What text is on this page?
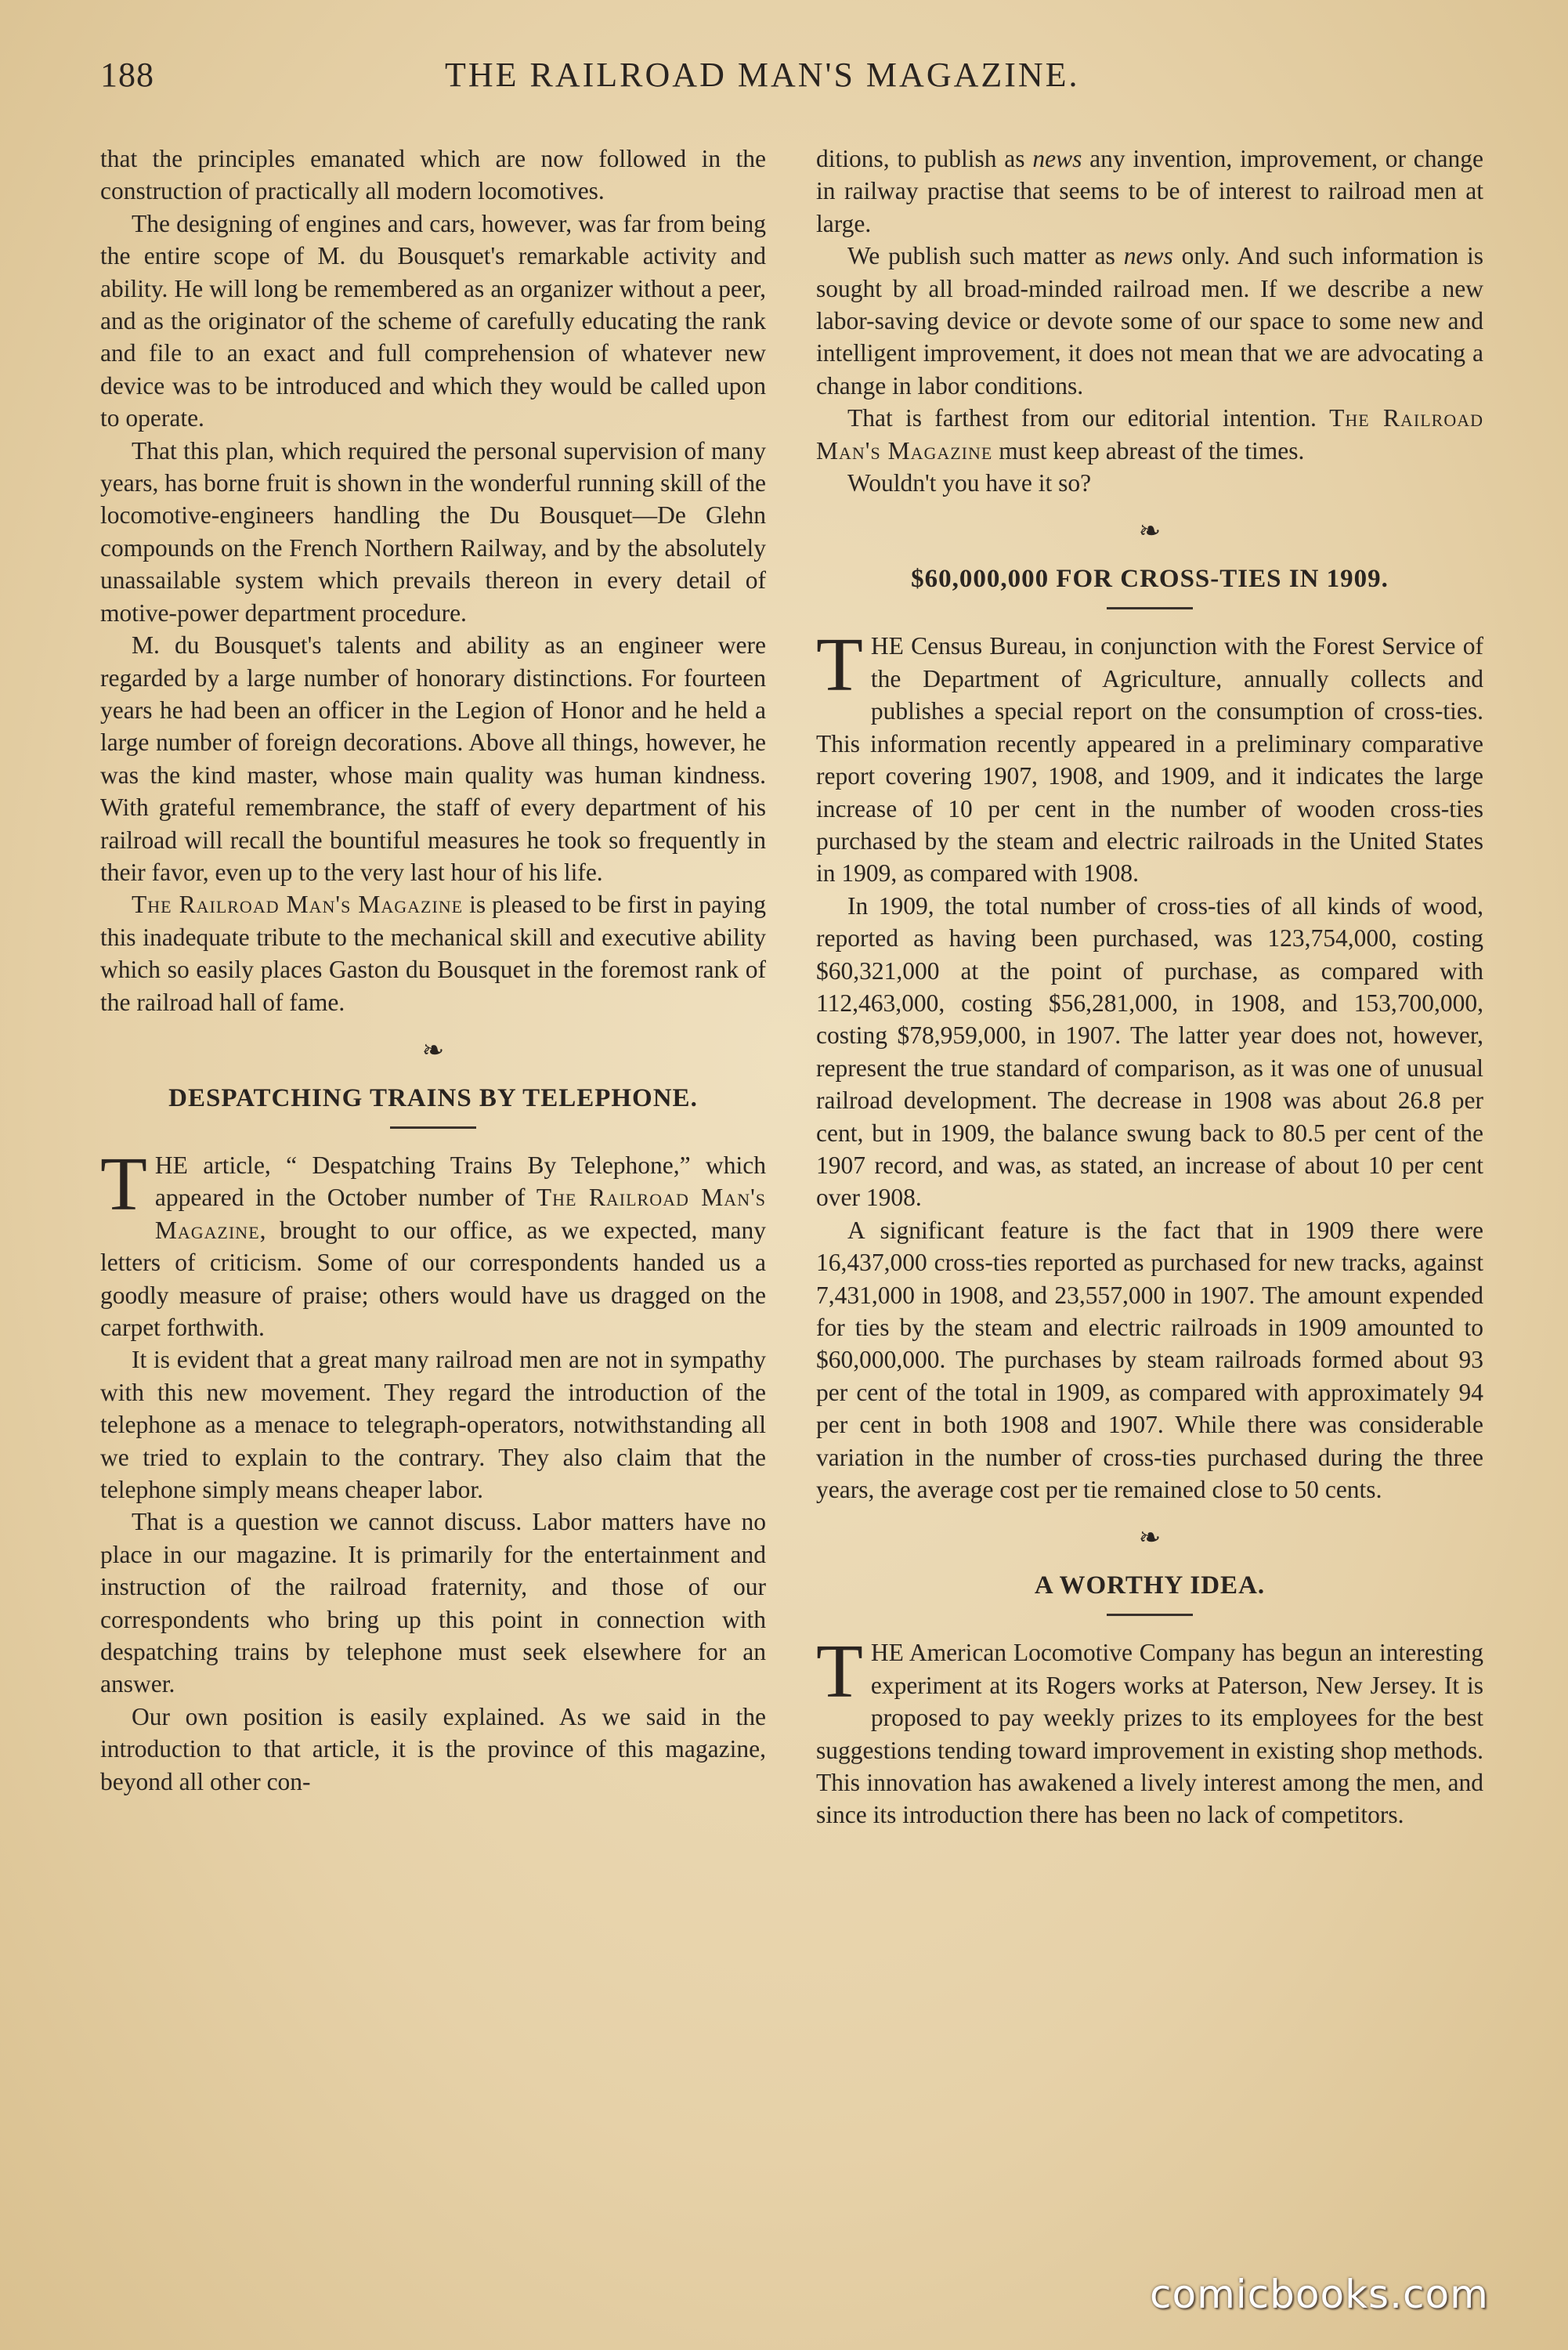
188	THE RAILROAD MAN'S MAGAZINE.

that the principles emanated which are now followed in the construction of practically all modern locomotives.

The designing of engines and cars, however, was far from being the entire scope of M. du Bousquet's remarkable activity and ability. He will long be remembered as an organizer without a peer, and as the originator of the scheme of carefully educating the rank and file to an exact and full comprehension of whatever new device was to be introduced and which they would be called upon to operate.

That this plan, which required the personal supervision of many years, has borne fruit is shown in the wonderful running skill of the locomotive-engineers handling the Du Bousquet—De Glehn compounds on the French Northern Railway, and by the absolutely unassailable system which prevails thereon in every detail of motive-power department procedure.

M. du Bousquet's talents and ability as an engineer were regarded by a large number of honorary distinctions. For fourteen years he had been an officer in the Legion of Honor and he held a large number of foreign decorations. Above all things, however, he was the kind master, whose main quality was human kindness. With grateful remembrance, the staff of every department of his railroad will recall the bountiful measures he took so frequently in their favor, even up to the very last hour of his life.

The Railroad Man's Magazine is pleased to be first in paying this inadequate tribute to the mechanical skill and executive ability which so easily places Gaston du Bousquet in the foremost rank of the railroad hall of fame.

❧
DESPATCHING TRAINS BY TELEPHONE.

THE article, “ Despatching Trains By Telephone,” which appeared in the October number of The Railroad Man's Magazine, brought to our office, as we expected, many letters of criticism. Some of our correspondents handed us a goodly measure of praise; others would have us dragged on the carpet forthwith.

It is evident that a great many railroad men are not in sympathy with this new movement. They regard the introduction of the telephone as a menace to telegraph-operators, notwithstanding all we tried to explain to the contrary. They also claim that the telephone simply means cheaper labor.

That is a question we cannot discuss. Labor matters have no place in our magazine. It is primarily for the entertainment and instruction of the railroad fraternity, and those of our correspondents who bring up this point in connection with despatching trains by telephone must seek elsewhere for an answer.

Our own position is easily explained. As we said in the introduction to that article, it is the province of this magazine, beyond all other con-

ditions, to publish as news any invention, improvement, or change in railway practise that seems to be of interest to railroad men at large.

We publish such matter as news only. And such information is sought by all broad-minded railroad men. If we describe a new labor-saving device or devote some of our space to some new and intelligent improvement, it does not mean that we are advocating a change in labor conditions.

That is farthest from our editorial intention. The Railroad Man's Magazine must keep abreast of the times.

Wouldn't you have it so?

❧
$60,000,000 FOR CROSS-TIES IN 1909.

THE Census Bureau, in conjunction with the Forest Service of the Department of Agriculture, annually collects and publishes a special report on the consumption of cross-ties. This information recently appeared in a preliminary comparative report covering 1907, 1908, and 1909, and it indicates the large increase of 10 per cent in the number of wooden cross-ties purchased by the steam and electric railroads in the United States in 1909, as compared with 1908.

In 1909, the total number of cross-ties of all kinds of wood, reported as having been purchased, was 123,754,000, costing $60,321,000 at the point of purchase, as compared with 112,463,000, costing $56,281,000, in 1908, and 153,700,000, costing $78,959,000, in 1907. The latter year does not, however, represent the true standard of comparison, as it was one of unusual railroad development. The decrease in 1908 was about 26.8 per cent, but in 1909, the balance swung back to 80.5 per cent of the 1907 record, and was, as stated, an increase of about 10 per cent over 1908.

A significant feature is the fact that in 1909 there were 16,437,000 cross-ties reported as purchased for new tracks, against 7,431,000 in 1908, and 23,557,000 in 1907. The amount expended for ties by the steam and electric railroads in 1909 amounted to $60,000,000. The purchases by steam railroads formed about 93 per cent of the total in 1909, as compared with approximately 94 per cent in both 1908 and 1907. While there was considerable variation in the number of cross-ties purchased during the three years, the average cost per tie remained close to 50 cents.

❧
A WORTHY IDEA.

THE American Locomotive Company has begun an interesting experiment at its Rogers works at Paterson, New Jersey. It is proposed to pay weekly prizes to its employees for the best suggestions tending toward improvement in existing shop methods. This innovation has awakened a lively interest among the men, and since its introduction there has been no lack of competitors.

comicbooks.com
